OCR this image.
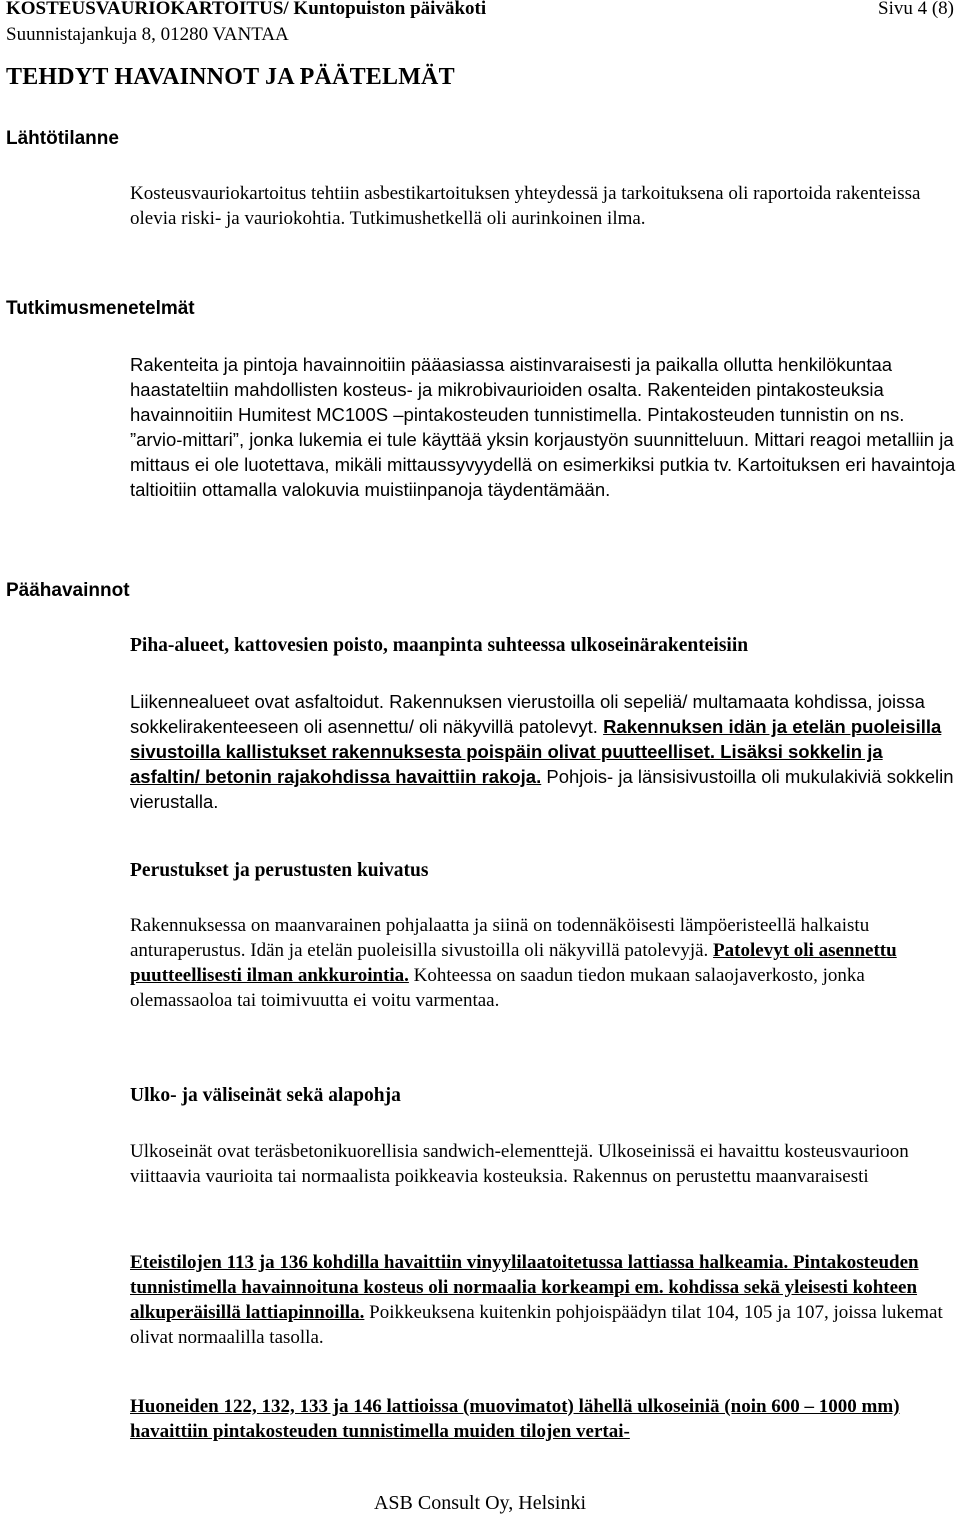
KOSTEUSVAURIOKARTOITUS/ Kuntopuiston päiväkoti	Sivu 4 (8)
Suunnistajankuja 8, 01280 VANTAA
TEHDYT HAVAINNOT JA PÄÄTELMÄT
Lähtötilanne

Kosteusvauriokartoitus tehtiin asbestikartoituksen yhteydessä ja tarkoituksena oli raportoida rakenteissa olevia riski- ja vauriokohtia. Tutkimushetkellä oli aurinkoinen ilma.

Tutkimusmenetelmät

Rakenteita ja pintoja havainnoitiin pääasiassa aistinvaraisesti ja paikalla ollutta henkilökuntaa haastateltiin mahdollisten kosteus- ja mikrobivaurioiden osalta. Rakenteiden pintakosteuksia havainnoitiin Humitest MC100S –pintakosteuden tunnistimella. Pintakosteuden tunnistin on ns. ”arvio-mittari”, jonka lukemia ei tule käyttää yksin korjaustyön suunnitteluun. Mittari reagoi metalliin ja mittaus ei ole luotettava, mikäli mittaussyvyydellä on esimerkiksi putkia tv. Kartoituksen eri havaintoja taltioitiin ottamalla valokuvia muistiinpanoja täydentämään.

Päähavainnot
Piha-alueet, kattovesien poisto, maanpinta suhteessa ulkoseinärakenteisiin

Liikennealueet ovat asfaltoidut. Rakennuksen vierustoilla oli sepeliä/ multamaata kohdissa, joissa sokkelirakenteeseen oli asennettu/ oli näkyvillä patolevyt. Rakennuksen idän ja etelän puoleisilla sivustoilla kallistukset rakennuksesta poispäin olivat puutteelliset. Lisäksi sokkelin ja asfaltin/ betonin rajakohdissa havaittiin rakoja. Pohjois- ja länsisivustoilla oli mukulakiviä sokkelin vierustalla.

Perustukset ja perustusten kuivatus

Rakennuksessa on maanvarainen pohjalaatta ja siinä on todennäköisesti lämpöeristeellä halkaistu anturaperustus. Idän ja etelän puoleisilla sivustoilla oli näkyvillä patolevyjä. Patolevyt oli asennettu puutteellisesti ilman ankkurointia. Kohteessa on saadun tiedon mukaan salaojaverkosto, jonka olemassaoloa tai toimivuutta ei voitu varmentaa.

Ulko- ja väliseinät sekä alapohja

Ulkoseinät ovat teräsbetonikuorellisia sandwich-elementtejä. Ulkoseinissä ei havaittu kosteusvaurioon viittaavia vaurioita tai normaalista poikkeavia kosteuksia. Rakennus on perustettu maanvaraisesti

Eteistilojen 113 ja 136 kohdilla havaittiin vinyylilaatoitetussa lattiassa halkeamia. Pintakosteuden tunnistimella havainnoituna kosteus oli normaalia korkeampi em. kohdissa sekä yleisesti kohteen alkuperäisillä lattiapinnoilla. Poikkeuksena kuitenkin pohjoispäädyn tilat 104, 105 ja 107, joissa lukemat olivat normaalilla tasolla.

Huoneiden 122, 132, 133 ja 146 lattioissa (muovimatot) lähellä ulkoseiniä (noin 600 – 1000 mm) havaittiin pintakosteuden tunnistimella muiden tilojen vertai-

ASB Consult Oy, Helsinki
